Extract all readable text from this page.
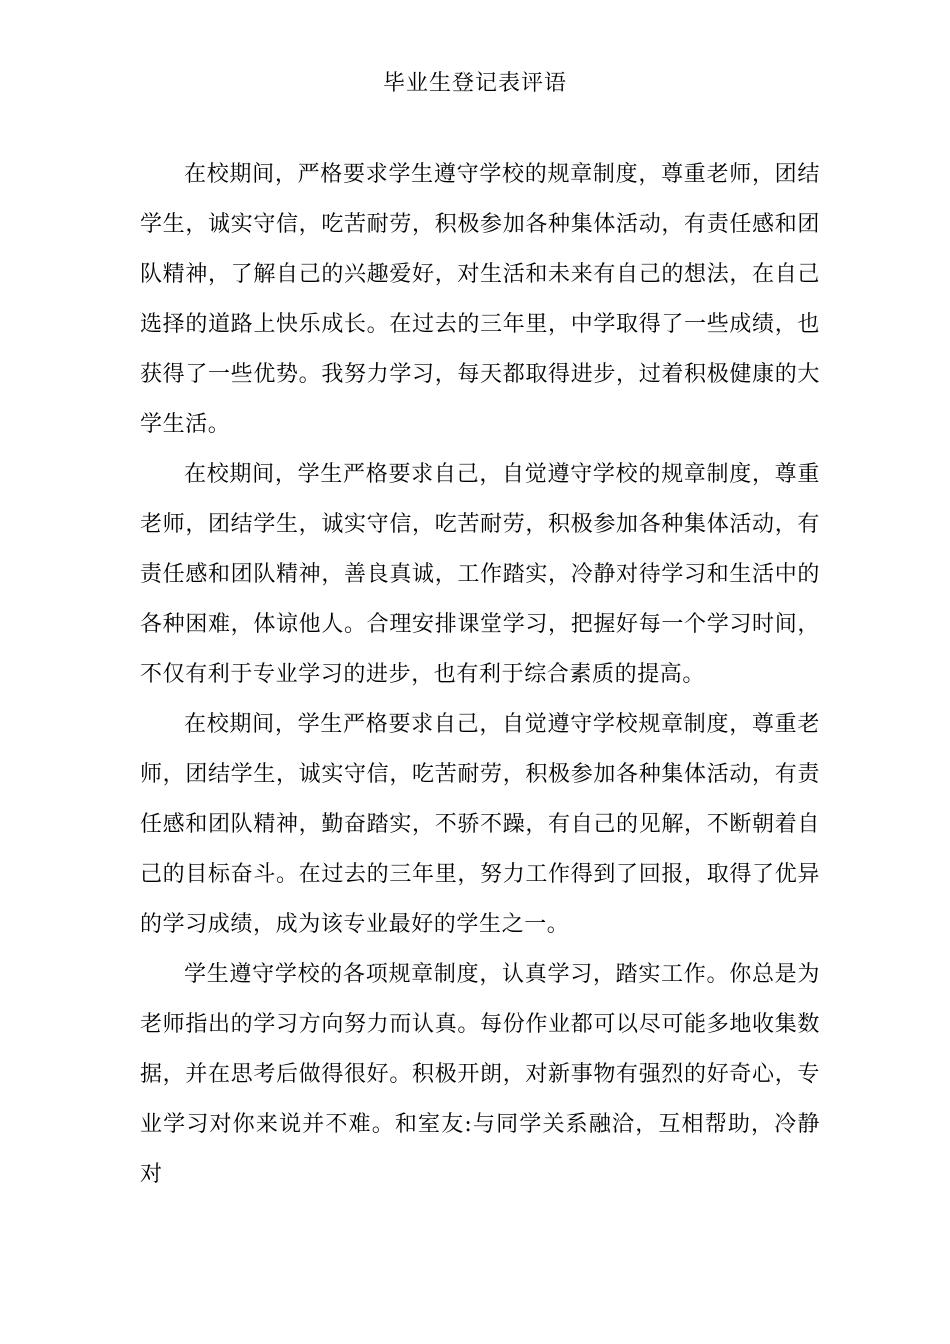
毕业生登记表评语

在校期间，严格要求学生遵守学校的规章制度，尊重老师，团结学生，诚实守信，吃苦耐劳，积极参加各种集体活动，有责任感和团队精神，了解自己的兴趣爱好，对生活和未来有自己的想法，在自己选择的道路上快乐成长。在过去的三年里，中学取得了一些成绩，也获得了一些优势。我努力学习，每天都取得进步，过着积极健康的大学生活。

在校期间，学生严格要求自己，自觉遵守学校的规章制度，尊重老师，团结学生，诚实守信，吃苦耐劳，积极参加各种集体活动，有责任感和团队精神，善良真诚，工作踏实，冷静对待学习和生活中的各种困难，体谅他人。合理安排课堂学习，把握好每一个学习时间，不仅有利于专业学习的进步，也有利于综合素质的提高。

在校期间，学生严格要求自己，自觉遵守学校规章制度，尊重老师，团结学生，诚实守信，吃苦耐劳，积极参加各种集体活动，有责任感和团队精神，勤奋踏实，不骄不躁，有自己的见解，不断朝着自己的目标奋斗。在过去的三年里，努力工作得到了回报，取得了优异的学习成绩，成为该专业最好的学生之一。

学生遵守学校的各项规章制度，认真学习，踏实工作。你总是为老师指出的学习方向努力而认真。每份作业都可以尽可能多地收集数据，并在思考后做得很好。积极开朗，对新事物有强烈的好奇心，专业学习对你来说并不难。和室友:与同学关系融洽，互相帮助，冷静对
